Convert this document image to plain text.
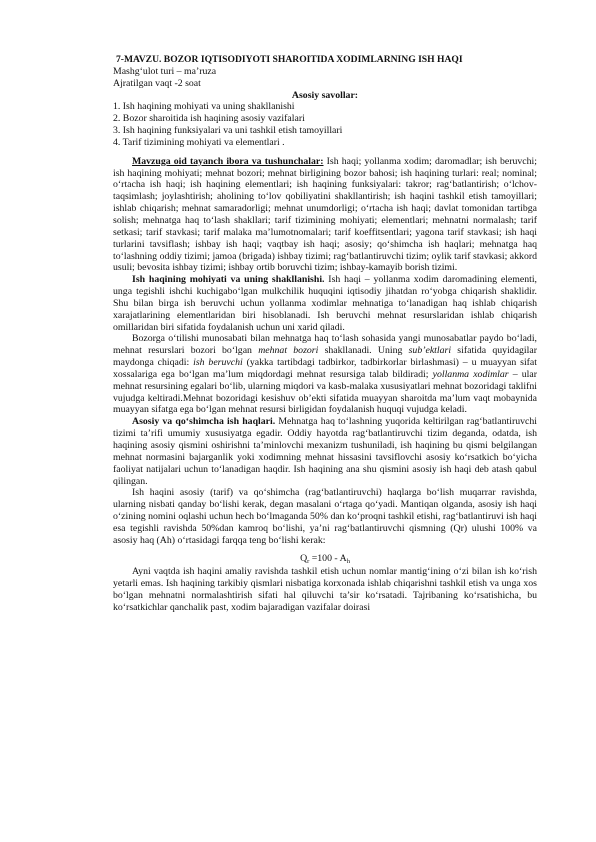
7-MAVZU. BOZOR IQTISODIYOTI SHAROITIDA XODIMLARNING ISH HAQI
Mashg‘ulot turi – ma’ruza
Ajratilgan vaqt -2 soat
Asosiy savollar:
1. Ish haqining mohiyati va uning shakllanishi
2. Bozor sharoitida ish haqining asosiy vazifalari
3. Ish haqining funksiyalari va uni tashkil etish tamoyillari
4. Tarif tizimining mohiyati va elementlari .

Mavzuga oid tayanch ibora va tushunchalar: Ish haqi; yollanma xodim; daromadlar; ish beruvchi; ish haqining mohiyati; mehnat bozori; mehnat birligining bozor bahosi; ish haqining turlari: real; nominal; o‘rtacha ish haqi; ish haqining elementlari; ish haqining funksiyalari: takror; rag‘batlantirish; o‘lchov-taqsimlash; joylashtirish; aholining to‘lov qobiliyatini shakllantirish; ish haqini tashkil etish tamoyillari; ishlab chiqarish; mehnat samaradorligi; mehnat unumdorligi; o‘rtacha ish haqi; davlat tomonidan tartibga solish; mehnatga haq to‘lash shakllari; tarif tizimining mohiyati; elementlari; mehnatni normalash; tarif setkasi; tarif stavkasi; tarif malaka ma’lumotnomalari; tarif koeffitsentlari; yagona tarif stavkasi; ish haqi turlarini tavsiflash; ishbay ish haqi; vaqtbay ish haqi; asosiy; qo‘shimcha ish haqlari; mehnatga haq to‘lashning oddiy tizimi; jamoa (brigada) ishbay tizimi; rag‘batlantiruvchi tizim; oylik tarif stavkasi; akkord usuli; bevosita ishbay tizimi; ishbay ortib boruvchi tizim; ishbay-kamayib borish tizimi.

Ish haqining mohiyati va uning shakllanishi. Ish haqi – yollanma xodim daromadining elementi, unga tegishli ishchi kuchigabo‘lgan mulkchilik huquqini iqtisodiy jihatdan ro‘yobga chiqarish shaklidir. Shu bilan birga ish beruvchi uchun yollanma xodimlar mehnatiga to‘lanadigan haq ishlab chiqarish xarajatlarining elementlaridan biri hisoblanadi. Ish beruvchi mehnat resurslaridan ishlab chiqarish omillaridan biri sifatida foydalanish uchun uni xarid qiladi.

Bozorga o‘tilishi munosabati bilan mehnatga haq to‘lash sohasida yangi munosabatlar paydo bo‘ladi, mehnat resurslari bozori bo‘lgan mehnat bozori shakllanadi. Uning sub’ektlari sifatida quyidagilar maydonga chiqadi: ish beruvchi (yakka tartibdagi tadbirkor, tadbirkorlar birlashmasi) – u muayyan sifat xossalariga ega bo‘lgan ma’lum miqdordagi mehnat resursiga talab bildiradi; yollanma xodimlar – ular mehnat resursining egalari bo‘lib, ularning miqdori va kasb-malaka xususiyatlari mehnat bozoridagi taklifni vujudga keltiradi.Mehnat bozoridagi kesishuv ob’ekti sifatida muayyan sharoitda ma’lum vaqt mobaynida muayyan sifatga ega bo‘lgan mehnat resursi birligidan foydalanish huquqi vujudga keladi.

Asosiy va qo‘shimcha ish haqlari. Mehnatga haq to‘lashning yuqorida keltirilgan rag‘batlantiruvchi tizimi ta’rifi umumiy xususiyatga egadir. Oddiy hayotda rag‘batlantiruvchi tizim deganda, odatda, ish haqining asosiy qismini oshirishni ta’minlovchi mexanizm tushuniladi, ish haqining bu qismi belgilangan mehnat normasini bajarganlik yoki xodimning mehnat hissasini tavsiflovchi asosiy ko‘rsatkich bo‘yicha faoliyat natijalari uchun to‘lanadigan haqdir. Ish haqining ana shu qismini asosiy ish haqi deb atash qabul qilingan.

Ish haqini asosiy (tarif) va qo‘shimcha (rag‘batlantiruvchi) haqlarga bo‘lish muqarrar ravishda, ularning nisbati qanday bo‘lishi kerak, degan masalani o‘rtaga qo‘yadi. Mantiqan olganda, asosiy ish haqi o‘zining nomini oqlashi uchun hech bo‘lmaganda 50% dan ko‘proqni tashkil etishi, rag‘batlantiruvi ish haqi esa tegishli ravishda 50%dan kamroq bo‘lishi, ya’ni rag‘batlantiruvchi qismning (Qr) ulushi 100% va asosiy haq (Ah) o‘rtasidagi farqqa teng bo‘lishi kerak:

$Q_r =100 - A_h$

Ayni vaqtda ish haqini amaliy ravishda tashkil etish uchun nomlar mantig‘ining o‘zi bilan ish ko‘rish yetarli emas. Ish haqining tarkibiy qismlari nisbatiga korxonada ishlab chiqarishni tashkil etish va unga xos bo‘lgan mehnatni normalashtirish sifati hal qiluvchi ta’sir ko‘rsatadi. Tajribaning ko‘rsatishicha, bu ko‘rsatkichlar qanchalik past, xodim bajaradigan vazifalar doirasi
